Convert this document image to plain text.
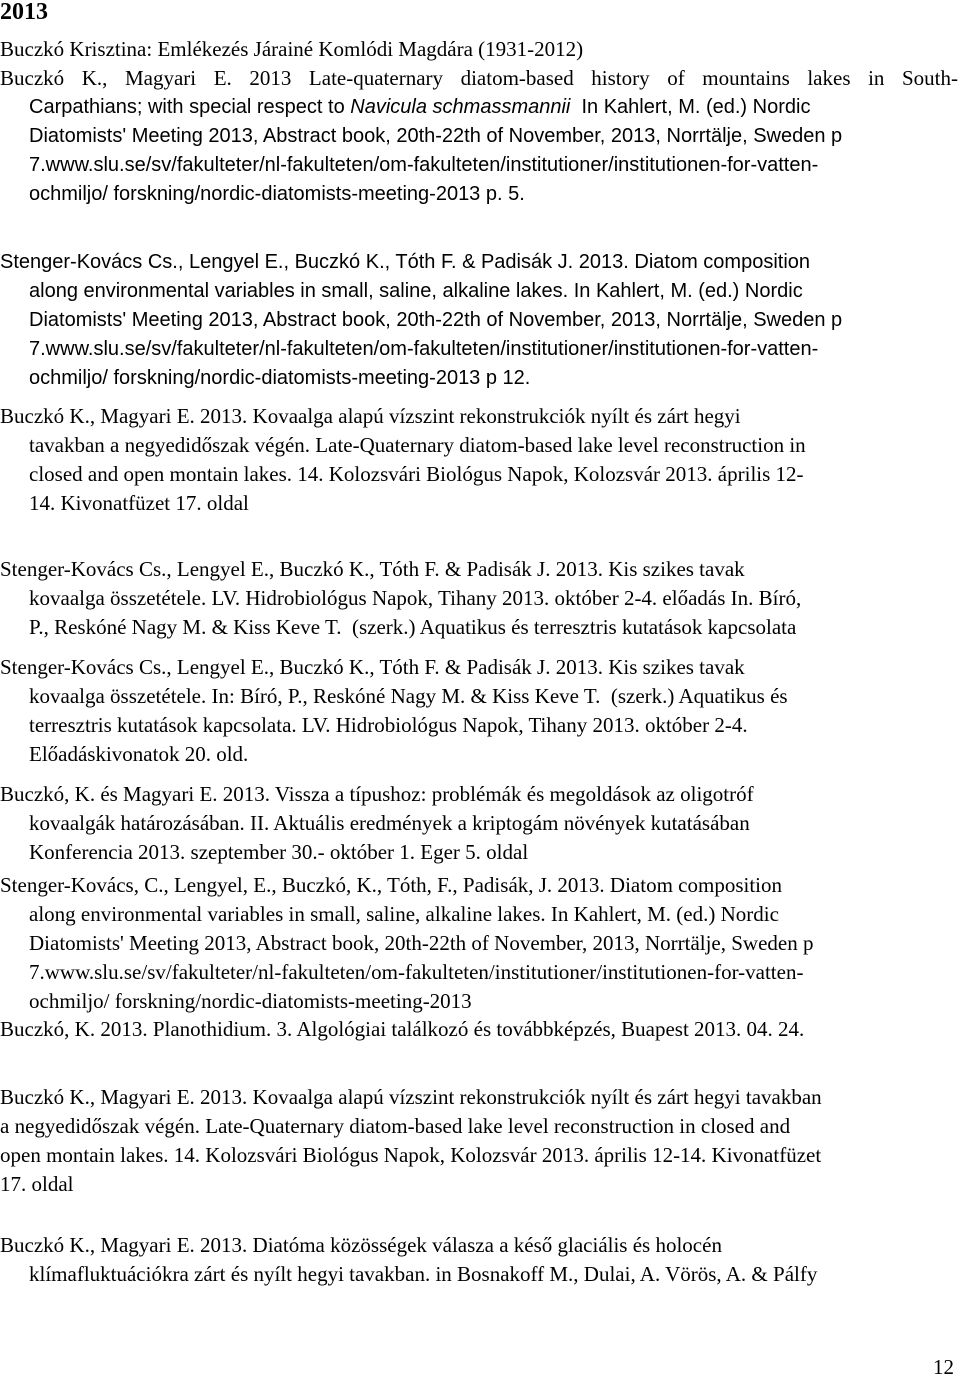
2013
Buczkó Krisztina: Emlékezés Járainé Komlódi Magdára (1931-2012)
Buczkó K., Magyari E. 2013 Late-quaternary diatom-based history of mountains lakes in South-
Carpathians; with special respect to Navicula schmassmannii  In Kahlert, M. (ed.) Nordic
Diatomists' Meeting 2013, Abstract book, 20th-22th of November, 2013, Norrtälje, Sweden p
7.www.slu.se/sv/fakulteter/nl-fakulteten/om-fakulteten/institutioner/institutionen-for-vatten-
ochmiljo/ forskning/nordic-diatomists-meeting-2013 p. 5.
Stenger-Kovács Cs., Lengyel E., Buczkó K., Tóth F. & Padisák J. 2013. Diatom composition
along environmental variables in small, saline, alkaline lakes. In Kahlert, M. (ed.) Nordic
Diatomists' Meeting 2013, Abstract book, 20th-22th of November, 2013, Norrtälje, Sweden p
7.www.slu.se/sv/fakulteter/nl-fakulteten/om-fakulteten/institutioner/institutionen-for-vatten-
ochmiljo/ forskning/nordic-diatomists-meeting-2013 p 12.
Buczkó K., Magyari E. 2013. Kovaalga alapú vízszint rekonstrukciók nyílt és zárt hegyi
tavakban a negyedidőszak végén. Late-Quaternary diatom-based lake level reconstruction in
closed and open montain lakes. 14. Kolozsvári Biológus Napok, Kolozsvár 2013. április 12-
14. Kivonatfüzet 17. oldal
Stenger-Kovács Cs., Lengyel E., Buczkó K., Tóth F. & Padisák J. 2013. Kis szikes tavak
kovaalga összetétele. LV. Hidrobiológus Napok, Tihany 2013. október 2-4. előadás In. Bíró,
P., Reskóné Nagy M. & Kiss Keve T.  (szerk.) Aquatikus és terresztris kutatások kapcsolata
Stenger-Kovács Cs., Lengyel E., Buczkó K., Tóth F. & Padisák J. 2013. Kis szikes tavak
kovaalga összetétele. In: Bíró, P., Reskóné Nagy M. & Kiss Keve T.  (szerk.) Aquatikus és
terresztris kutatások kapcsolata. LV. Hidrobiológus Napok, Tihany 2013. október 2-4.
Előadáskivonatok 20. old.
Buczkó, K. és Magyari E. 2013. Vissza a típushoz: problémák és megoldások az oligotróf
kovaalgák határozásában. II. Aktuális eredmények a kriptogám növények kutatásában
Konferencia 2013. szeptember 30.- október 1. Eger 5. oldal
Stenger-Kovács, C., Lengyel, E., Buczkó, K., Tóth, F., Padisák, J. 2013. Diatom composition
along environmental variables in small, saline, alkaline lakes. In Kahlert, M. (ed.) Nordic
Diatomists' Meeting 2013, Abstract book, 20th-22th of November, 2013, Norrtälje, Sweden p
7.www.slu.se/sv/fakulteter/nl-fakulteten/om-fakulteten/institutioner/institutionen-for-vatten-
ochmiljo/ forskning/nordic-diatomists-meeting-2013
Buczkó, K. 2013. Planothidium. 3. Algológiai találkozó és továbbképzés, Buapest 2013. 04. 24.
Buczkó K., Magyari E. 2013. Kovaalga alapú vízszint rekonstrukciók nyílt és zárt hegyi tavakban
a negyedidőszak végén. Late-Quaternary diatom-based lake level reconstruction in closed and
open montain lakes. 14. Kolozsvári Biológus Napok, Kolozsvár 2013. április 12-14. Kivonatfüzet
17. oldal
Buczkó K., Magyari E. 2013. Diatóma közösségek válasza a késő glaciális és holocén
klímafluktuációkra zárt és nyílt hegyi tavakban. in Bosnakoff M., Dulai, A. Vörös, A. & Pálfy
12
